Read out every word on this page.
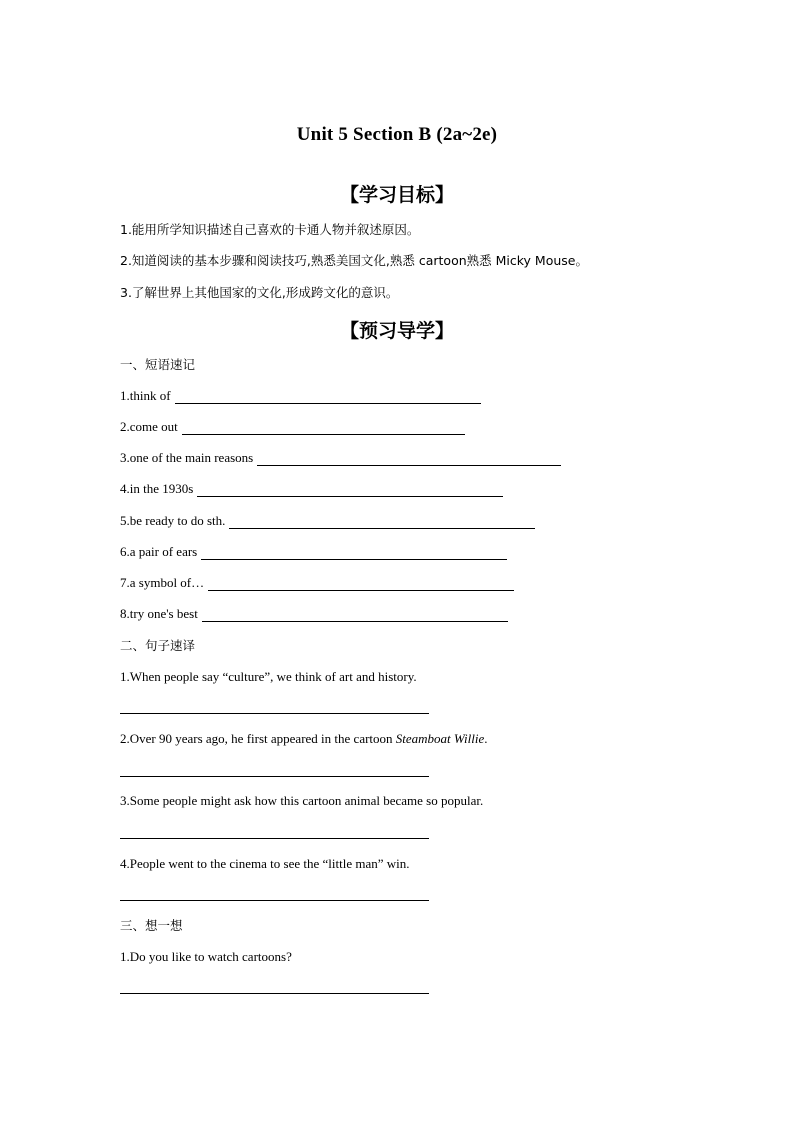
Unit 5 Section B (2a~2e)
【学习目标】
1.能用所学知识描述自己喜欢的卡通人物并叙述原因。
2.知道阅读的基本步骤和阅读技巧,熟悉美国文化,熟悉 cartoon熟悉 Micky Mouse。
3.了解世界上其他国家的文化,形成跨文化的意识。
【预习导学】
一、短语速记
1.think of
2.come out
3.one of the main reasons
4.in the 1930s
5.be ready to do sth.
6.a pair of ears
7.a symbol of…
8.try one's best
二、句子速译
1.When people say “culture”, we think of art and history.
2.Over 90 years ago, he first appeared in the cartoon Steamboat Willie.
3.Some people might ask how this cartoon animal became so popular.
4.People went to the cinema to see the “little man” win.
三、想一想
1.Do you like to watch cartoons?
